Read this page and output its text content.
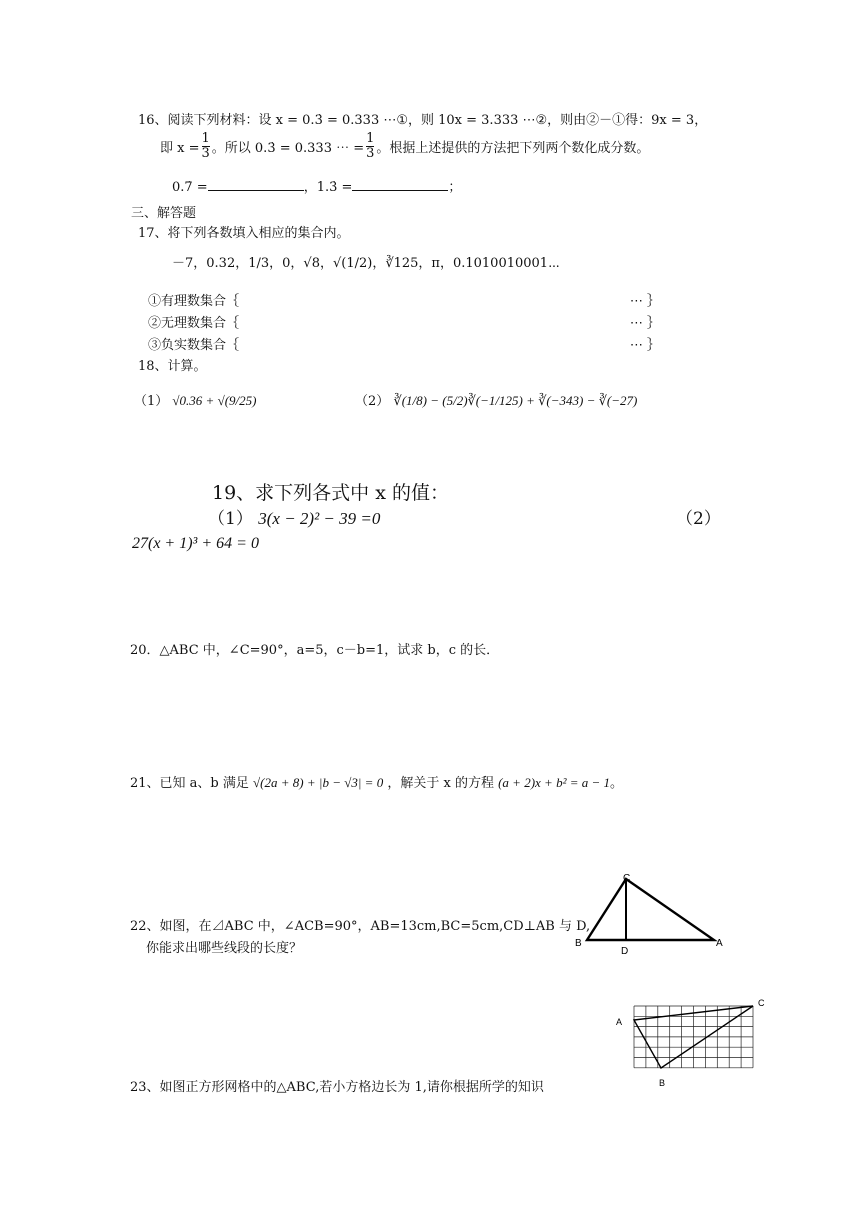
16、阅读下列材料：设 x = 0.3̇ = 0.333 ⋯①，则 10x = 3.333 ⋯②，则由②－①得：9x = 3，
即 $x = \frac{1}{3}$ 。所以 0.3̇ = 0.333 ⋯ = $\frac{1}{3}$ 。根据上述提供的方法把下列两个数化成分数。
0.7̇ =	，1.3̇ =	；
三、解答题
17、将下列各数填入相应的集合内。
－7，0.32，1/3，0，√8，√(1/2)，∛125，π，0.1010010001⋯
①有理数集合｛	⋯ ｝
②无理数集合｛	⋯ ｝
③负实数集合｛	⋯ ｝
18、计算。
（1） √0.36 + √(9/25)	（2） ∛(1/8) − (5/2)∛(−1/125) + ∛(−343) − ∛(−27)
19、求下列各式中 x 的值：
（1） 3(x − 2)² − 39 =0	（2）
27(x + 1)³ + 64 = 0
20．△ABC 中，∠C=90°，a=5，c－b=1，试求 b，c 的长．
21、已知 a、b 满足 √(2a + 8) + |b − √3| = 0 ，解关于 x 的方程 (a + 2)x + b² = a − 1。
22、如图，在⊿ABC 中，∠ACB=90°，AB=13cm,BC=5cm,CD⊥AB 与 D,
你能求出哪些线段的长度？
C
B
D
A
A
C
B
23、如图正方形网格中的△ABC,若小方格边长为 1,请你根据所学的知识
